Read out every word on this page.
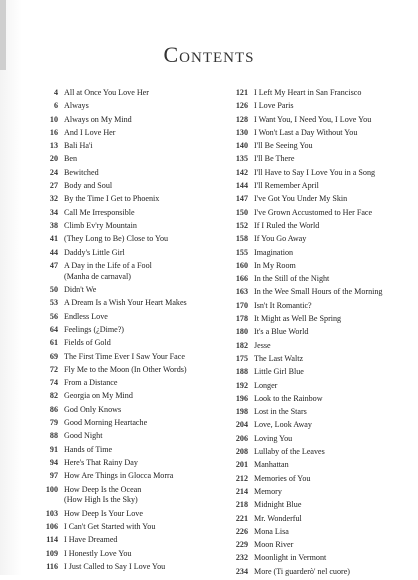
Contents
4 All at Once You Love Her
6 Always
10 Always on My Mind
16 And I Love Her
13 Bali Ha'i
20 Ben
24 Bewitched
27 Body and Soul
32 By the Time I Get to Phoenix
34 Call Me Irresponsible
38 Climb Ev'ry Mountain
41 (They Long to Be) Close to You
44 Daddy's Little Girl
47 A Day in the Life of a Fool
(Manha de carnaval)
50 Didn't We
53 A Dream Is a Wish Your Heart Makes
56 Endless Love
64 Feelings (¿Dime?)
61 Fields of Gold
69 The First Time Ever I Saw Your Face
72 Fly Me to the Moon (In Other Words)
74 From a Distance
82 Georgia on My Mind
86 God Only Knows
79 Good Morning Heartache
88 Good Night
91 Hands of Time
94 Here's That Rainy Day
97 How Are Things in Glocca Morra
100 How Deep Is the Ocean
(How High Is the Sky)
103 How Deep Is Your Love
106 I Can't Get Started with You
114 I Have Dreamed
109 I Honestly Love You
116 I Just Called to Say I Love You
121 I Left My Heart in San Francisco
126 I Love Paris
128 I Want You, I Need You, I Love You
130 I Won't Last a Day Without You
140 I'll Be Seeing You
135 I'll Be There
142 I'll Have to Say I Love You in a Song
144 I'll Remember April
147 I've Got You Under My Skin
150 I've Grown Accustomed to Her Face
152 If I Ruled the World
158 If You Go Away
155 Imagination
160 In My Room
166 In the Still of the Night
163 In the Wee Small Hours of the Morning
170 Isn't It Romantic?
178 It Might as Well Be Spring
180 It's a Blue World
182 Jesse
175 The Last Waltz
188 Little Girl Blue
192 Longer
196 Look to the Rainbow
198 Lost in the Stars
204 Love, Look Away
206 Loving You
208 Lullaby of the Leaves
201 Manhattan
212 Memories of You
214 Memory
218 Midnight Blue
221 Mr. Wonderful
226 Mona Lisa
229 Moon River
232 Moonlight in Vermont
234 More (Ti guarderò' nel cuore)
